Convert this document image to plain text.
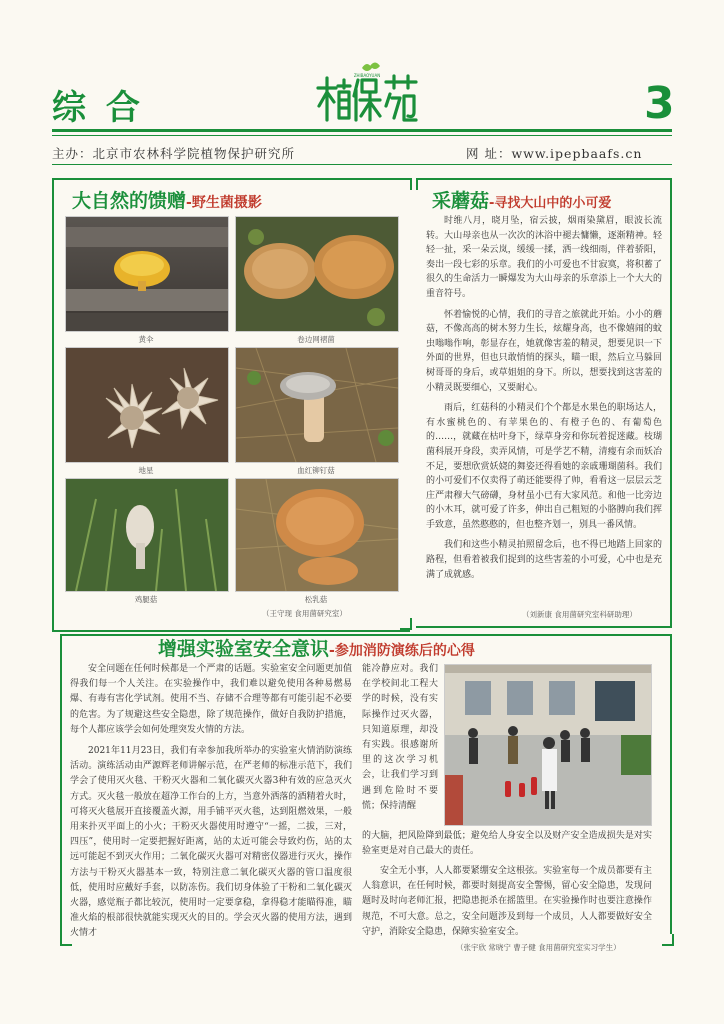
综 合
ZHIBAOYUAN
3
主办：北京市农林科学院植物保护研究所	网 址：www.ipepbaafs.cn
大自然的馈赠-野生菌摄影
黄伞	卷边网褶菌
地星	血红铆钉菇
鸡腿菇	松乳菇
（王守现 食用菌研究室）
采蘑菇-寻找大山中的小可爱

时维八月，晓月坠，宿云披，烟雨染黛眉，眼波长流转。大山母亲也从一次次的沐浴中褪去慵懒，逐渐精神。轻轻一扯，采一朵云岚，缓缓一揉，洒一线细雨，伴着骄阳，奏出一段七彩的乐章。我们的小可爱也不甘寂寞，将积蓄了很久的生命活力一瞬爆发为大山母亲的乐章添上一个大大的重音符号。

怀着愉悦的心情，我们的寻音之旅就此开始。小小的蘑菇，不像高高的树木努力生长，炫耀身高，也不像嬉闹的蚊虫嗡嗡作响，彰显存在，她就像害羞的精灵，想要见识一下外面的世界，但也只敢悄悄的探头，瞄一眼，然后立马躲回树哥哥的身后，或草姐姐的身下。所以，想要找到这害羞的小精灵既要细心，又要耐心。

雨后，红菇科的小精灵们个个都是水果色的职场达人，有水蜜桃色的、有苹果色的、有橙子色的、有葡萄色的……，就藏在枯叶身下，绿草身旁和你玩着捉迷藏。枝瑚菌科展开身段，卖弄风情，可是学艺不精，清瘦有余而妖冶不足，要想欣赏妖娆的舞姿还得看她的亲戚珊瑚菌科。我们的小可爱们不仅卖得了萌还能要得了帅，看看这一层层云芝庄严肃穆大气磅礴，身材虽小已有大家风范。和他一比旁边的小木耳，就可爱了许多，伸出自己粗短的小胳膊向我们挥手致意，虽然憨憨的，但也整齐划一，别具一番风情。

我们和这些小精灵拍照留念后，也不得已地踏上回家的路程，但看着被我们捉到的这些害羞的小可爱，心中也是充满了成就感。

（刘新康 食用菌研究室科研助理）
增强实验室安全意识-参加消防演练后的心得

安全问题在任何时候都是一个严肃的话题。实验室安全问题更加值得我们每一个人关注。在实验操作中，我们难以避免使用各种易燃易爆、有毒有害化学试剂。使用不当、存储不合理等都有可能引起不必要的危害。为了规避这些安全隐患，除了规范操作，做好自我防护措施，每个人都应该学会如何处理突发火情的方法。

2021年11月23日，我们有幸参加我所举办的实验室火情消防演练活动。演练活动由严源辉老师讲解示范，在严老师的标准示范下，我们学会了使用灭火毯、干粉灭火器和二氧化碳灭火器3种有效的应急灭火方式。灭火毯一般放在超净工作台的上方，当意外洒落的酒精着火时，可将灭火毯展开直接覆盖火源，用手铺平灭火毯，达到阻燃效果，一般用来扑灭平面上的小火；干粉灭火器使用时遵守“一摇，二拔，三对，四压”，使用时一定要把握好距离，站的太近可能会导致灼伤，站的太远可能起不到灭火作用；二氧化碳灭火器可对精密仪器进行灭火，操作方法与干粉灭火器基本一致，特别注意二氧化碳灭火器的管口温度很低，使用时应戴好手套，以防冻伤。我们切身体验了干粉和二氧化碳灭火器，感觉瓶子都比较沉，使用时一定要拿稳，拿得稳才能瞄得准，瞄准火焰的根部很快就能实现灭火的目的。学会灭火器的使用方法，遇到火情才

能冷静应对。我们在学校间北工程大学的时候，没有实际操作过灭火器，只知道原理，却没有实践。很感谢所里的这次学习机会，让我们学习到遇到危险时不要慌；保持清醒
的大脑，把风险降到最低；避免给人身安全以及财产安全造成损失是对实验室更是对自己最大的责任。

安全无小事，人人都要紧绷安全这根弦。实验室每一个成员都要有主人翁意识，在任何时候，都要时刻提高安全警惕，留心安全隐患，发现问题时及时向老师汇报，把隐患扼杀在摇篮里。在实验操作时也要注意操作规范，不可大意。总之，安全问题涉及到每一个成员，人人都要做好安全守护，消除安全隐患，保障实验室安全。

（张宇欣 常晓宁 曹子健 食用菌研究室实习学生）
